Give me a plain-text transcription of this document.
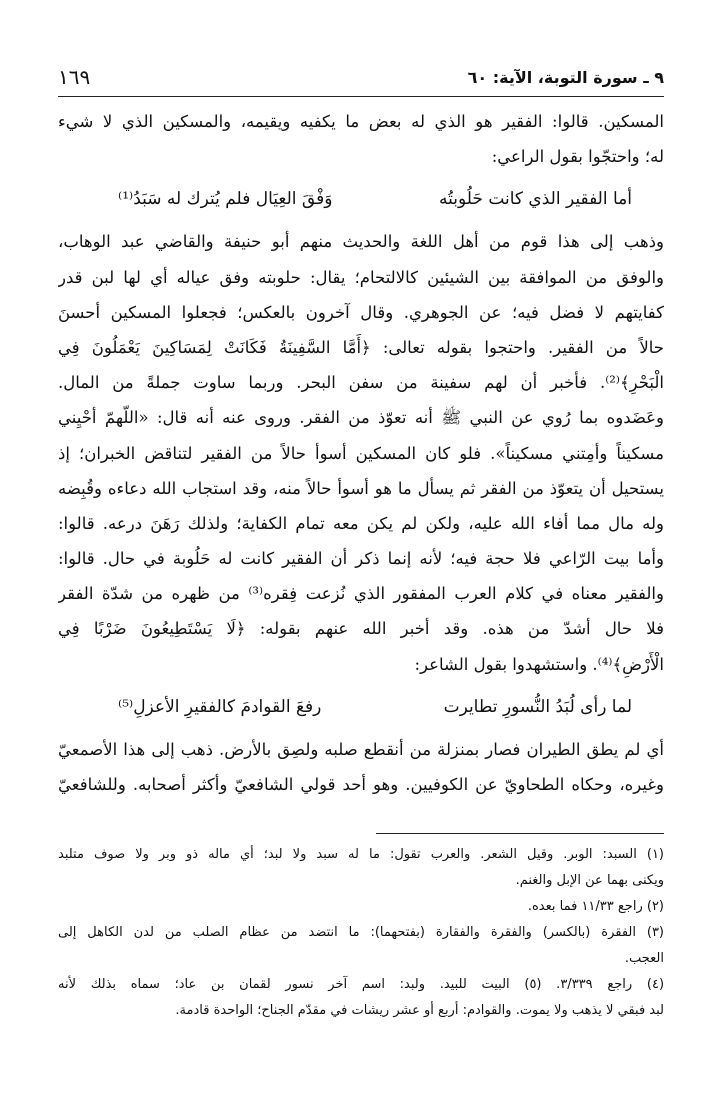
٩ ـ سورة التوبة، الآية: ٦٠
١٦٩
المسكين. قالوا: الفقير هو الذي له بعض ما يكفيه ويقيمه، والمسكين الذي لا شيء
له؛ واحتجّوا بقول الراعي:
أما الفقير الذي كانت حَلُوبتُه
وَفْقَ العِيَال فلم يُترك له سَبَدُ⁽¹⁾
وذهب إلى هذا قوم من أهل اللغة والحديث منهم أبو حنيفة والقاضي عبد الوهاب،
والوفق من الموافقة بين الشيئين كالالتحام؛ يقال: حلوبته وفق عياله أي لها لبن قدر
كفايتهم لا فضل فيه؛ عن الجوهري. وقال آخرون بالعكس؛ فجعلوا المسكين أحسنَ
حالاً من الفقير. واحتجوا بقوله تعالى: ﴿أَمَّا السَّفِينَةُ فَكَانَتْ لِمَسَاكِينَ يَعْمَلُونَ فِي
الْبَحْرِ﴾⁽²⁾. فأخبر أن لهم سفينة من سفن البحر. وربما ساوت جملةً من المال.
وعَضَدوه بما رُوي عن النبي ﷺ أنه تعوّذ من الفقر. وروى عنه أنه قال: «اللّهمّ أحْيِني
مسكيناً وأمِتني مسكيناً». فلو كان المسكين أسوأ حالاً من الفقير لتناقض الخبران؛ إذ
يستحيل أن يتعوّذ من الفقر ثم يسأل ما هو أسوأ حالاً منه، وقد استجاب الله دعاءه وقُبِضه
وله مال مما أفاء الله عليه، ولكن لم يكن معه تمام الكفاية؛ ولذلك رَهَنَ درعه. قالوا:
وأما بيت الرّاعي فلا حجة فيه؛ لأنه إنما ذكر أن الفقير كانت له حَلُوبة في حال. قالوا:
والفقير معناه في كلام العرب المفقور الذي نُزعت فِقره⁽³⁾ من ظهره من شدّة الفقر
فلا حال أشدّ من هذه. وقد أخبر الله عنهم بقوله: ﴿لَا يَسْتَطِيعُونَ ضَرْبًا فِي
الْأَرْضِ﴾⁽⁴⁾. واستشهدوا بقول الشاعر:
لما رأى لُبَدُ النُّسورِ تطايرت
رفعَ القوادمَ كالفقيرِ الأعزلِ⁽⁵⁾
أي لم يطق الطيران فصار بمنزلة من أنقطع صلبه ولصِق بالأرض. ذهب إلى هذا الأصمعيّ
وغيره، وحكاه الطحاويّ عن الكوفيين. وهو أحد قولي الشافعيّ وأكثر أصحابه. وللشافعيّ
(١) السبد: الوبر. وقيل الشعر. والعرب تقول: ما له سبد ولا لبد؛ أي ماله ذو وبر ولا صوف متلبد
ويكنى بهما عن الإبل والغنم.
(٢) راجع ١١/٣٣ فما بعده.
(٣) الفقرة (بالكسر) والفقرة والفقارة (بفتحهما): ما انتضد من عظام الصلب من لدن الكاهل إلى
العجب.
(٤) راجع ٣/٣٣٩. (٥) البيت للبيد. ولبد: اسم آخر نسور لقمان بن عاد؛ سماه بذلك لأنه
لبد فبقي لا يذهب ولا يموت. والقوادم: أربع أو عشر ريشات في مقدّم الجناح؛ الواحدة قادمة.
